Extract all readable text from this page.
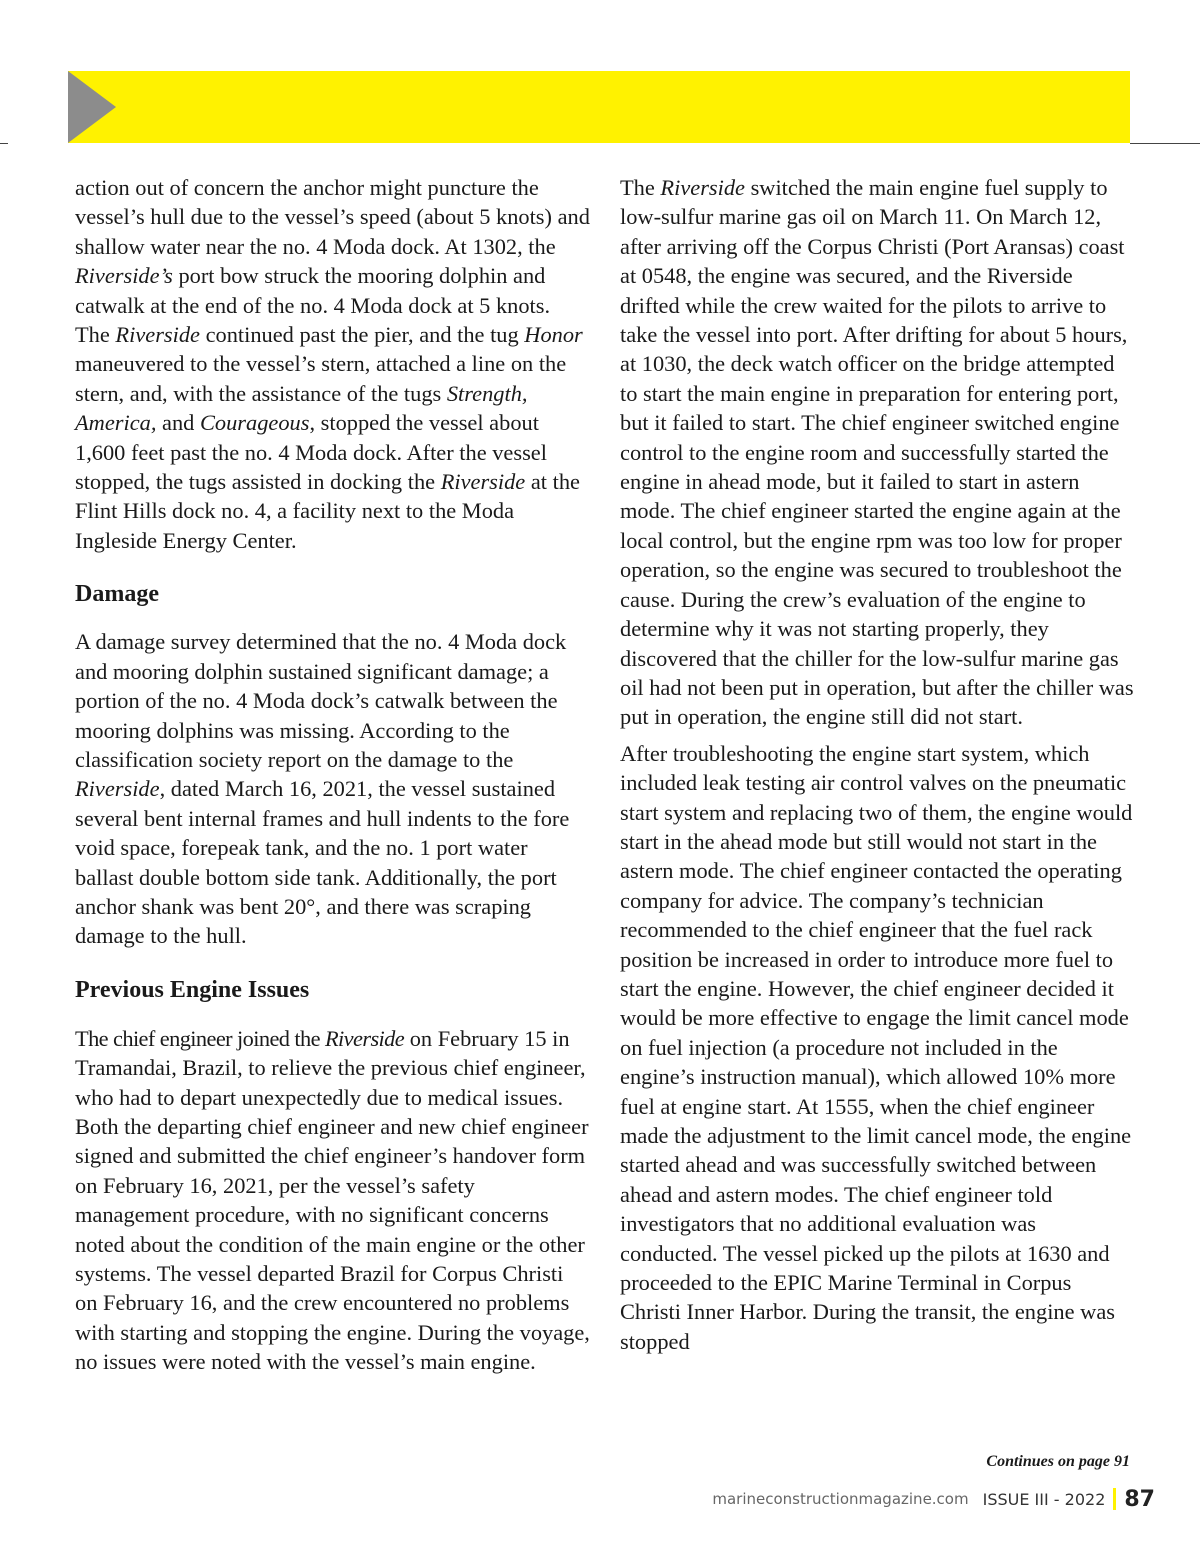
action out of concern the anchor might puncture the vessel’s hull due to the vessel’s speed (about 5 knots) and shallow water near the no. 4 Moda dock. At 1302, the Riverside’s port bow struck the mooring dolphin and catwalk at the end of the no. 4 Moda dock at 5 knots. The Riverside continued past the pier, and the tug Honor maneuvered to the vessel’s stern, attached a line on the stern, and, with the assistance of the tugs Strength, America, and Courageous, stopped the vessel about 1,600 feet past the no. 4 Moda dock. After the vessel stopped, the tugs assisted in docking the Riverside at the Flint Hills dock no. 4, a facility next to the Moda Ingleside Energy Center.

Damage

A damage survey determined that the no. 4 Moda dock and mooring dolphin sustained significant damage; a portion of the no. 4 Moda dock’s catwalk between the mooring dolphins was missing. According to the classification society report on the damage to the Riverside, dated March 16, 2021, the vessel sustained several bent internal frames and hull indents to the fore void space, forepeak tank, and the no. 1 port water ballast double bottom side tank. Additionally, the port anchor shank was bent 20°, and there was scraping damage to the hull.

Previous Engine Issues

The chief engineer joined the Riverside on February 15 in Tramandai, Brazil, to relieve the previous chief engineer, who had to depart unexpectedly due to medical issues. Both the departing chief engineer and new chief engineer signed and submitted the chief engineer’s handover form on February 16, 2021, per the vessel’s safety management procedure, with no significant concerns noted about the condition of the main engine or the other systems. The vessel departed Brazil for Corpus Christi on February 16, and the crew encountered no problems with starting and stopping the engine. During the voyage, no issues were noted with the vessel’s main engine.

The Riverside switched the main engine fuel supply to low-sulfur marine gas oil on March 11. On March 12, after arriving off the Corpus Christi (Port Aransas) coast at 0548, the engine was secured, and the Riverside drifted while the crew waited for the pilots to arrive to take the vessel into port. After drifting for about 5 hours, at 1030, the deck watch officer on the bridge attempted to start the main engine in preparation for entering port, but it failed to start. The chief engineer switched engine control to the engine room and successfully started the engine in ahead mode, but it failed to start in astern mode. The chief engineer started the engine again at the local control, but the engine rpm was too low for proper operation, so the engine was secured to troubleshoot the cause. During the crew’s evaluation of the engine to determine why it was not starting properly, they discovered that the chiller for the low-sulfur marine gas oil had not been put in operation, but after the chiller was put in operation, the engine still did not start.

After troubleshooting the engine start system, which included leak testing air control valves on the pneumatic start system and replacing two of them, the engine would start in the ahead mode but still would not start in the astern mode. The chief engineer contacted the operating company for advice. The company’s technician recommended to the chief engineer that the fuel rack position be increased in order to introduce more fuel to start the engine. However, the chief engineer decided it would be more effective to engage the limit cancel mode on fuel injection (a procedure not included in the engine’s instruction manual), which allowed 10% more fuel at engine start. At 1555, when the chief engineer made the adjustment to the limit cancel mode, the engine started ahead and was successfully switched between ahead and astern modes. The chief engineer told investigators that no additional evaluation was conducted. The vessel picked up the pilots at 1630 and proceeded to the EPIC Marine Terminal in Corpus Christi Inner Harbor. During the transit, the engine was stopped

Continues on page 91
marineconstructionmagazine.com ISSUE III - 2022 87
